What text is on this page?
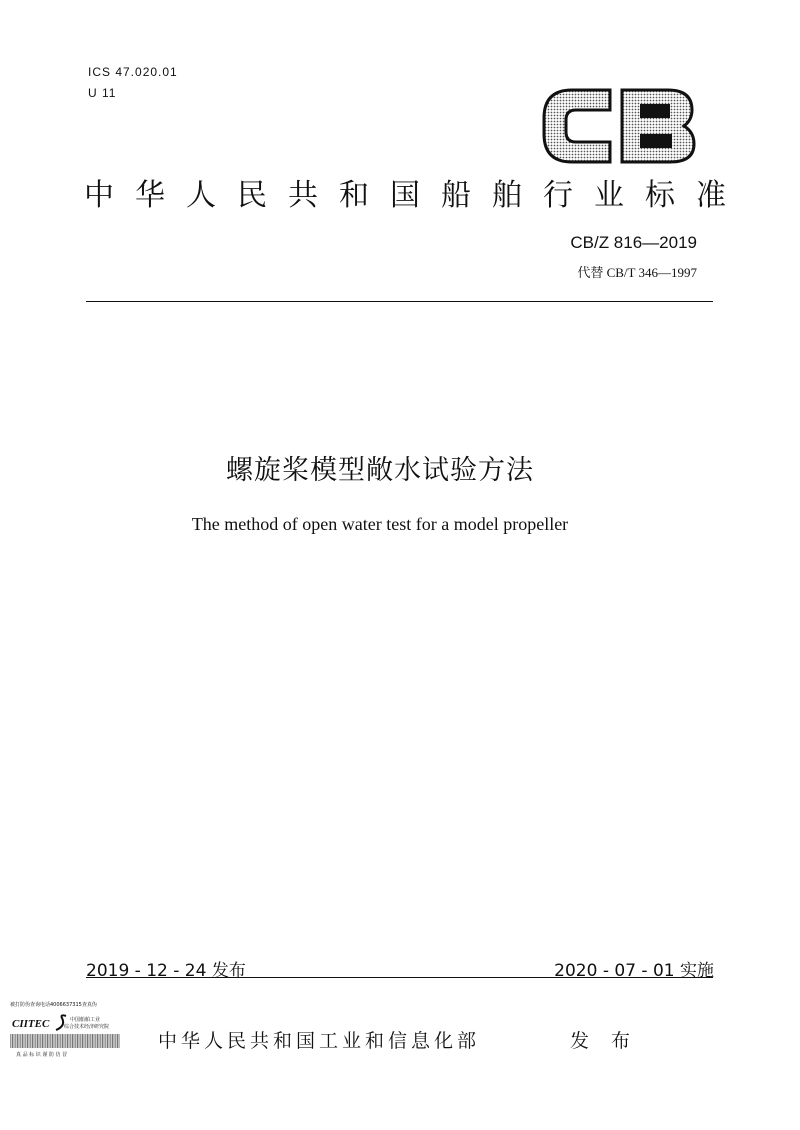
ICS 47.020.01
U 11
CB
中华人民共和国船舶行业标准
CB/Z 816—2019
代替 CB/T 346—1997
螺旋桨模型敞水试验方法
The method of open water test for a model propeller
2019 - 12 - 24 发布	2020 - 07 - 01 实施
被打防伪查询电话4006637315查真伪
CIITEC	中国船舶工业
综合技术经济研究院
真 品 标 识 谨 防 仿 冒
中华人民共和国工业和信息化部	发 布
